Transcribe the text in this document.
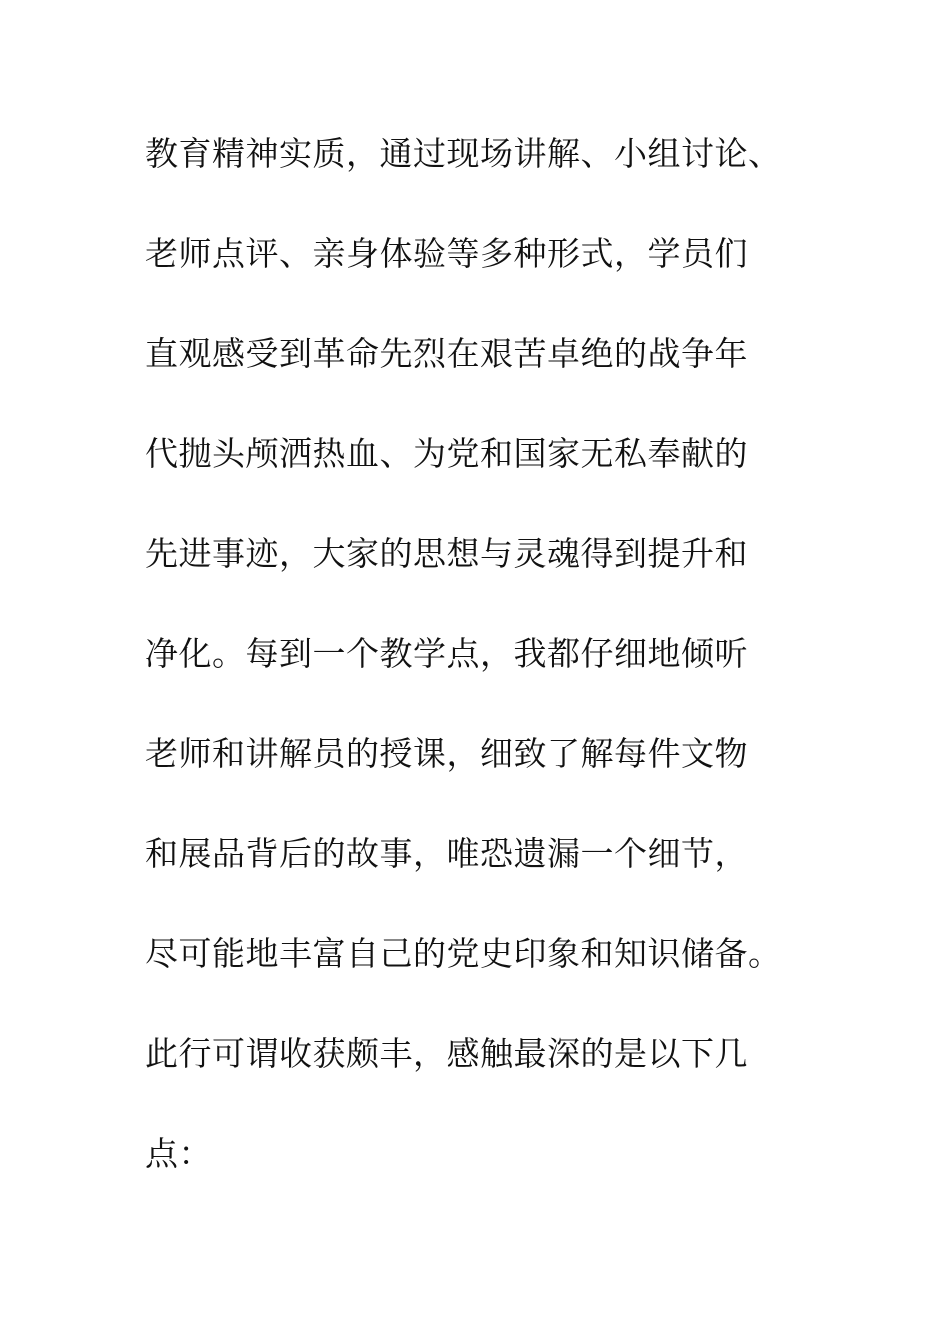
教育精神实质，通过现场讲解、小组讨论、
老师点评、亲身体验等多种形式，学员们
直观感受到革命先烈在艰苦卓绝的战争年
代抛头颅洒热血、为党和国家无私奉献的
先进事迹，大家的思想与灵魂得到提升和
净化。每到一个教学点，我都仔细地倾听
老师和讲解员的授课，细致了解每件文物
和展品背后的故事，唯恐遗漏一个细节，
尽可能地丰富自己的党史印象和知识储备。
此行可谓收获颇丰，感触最深的是以下几
点：
